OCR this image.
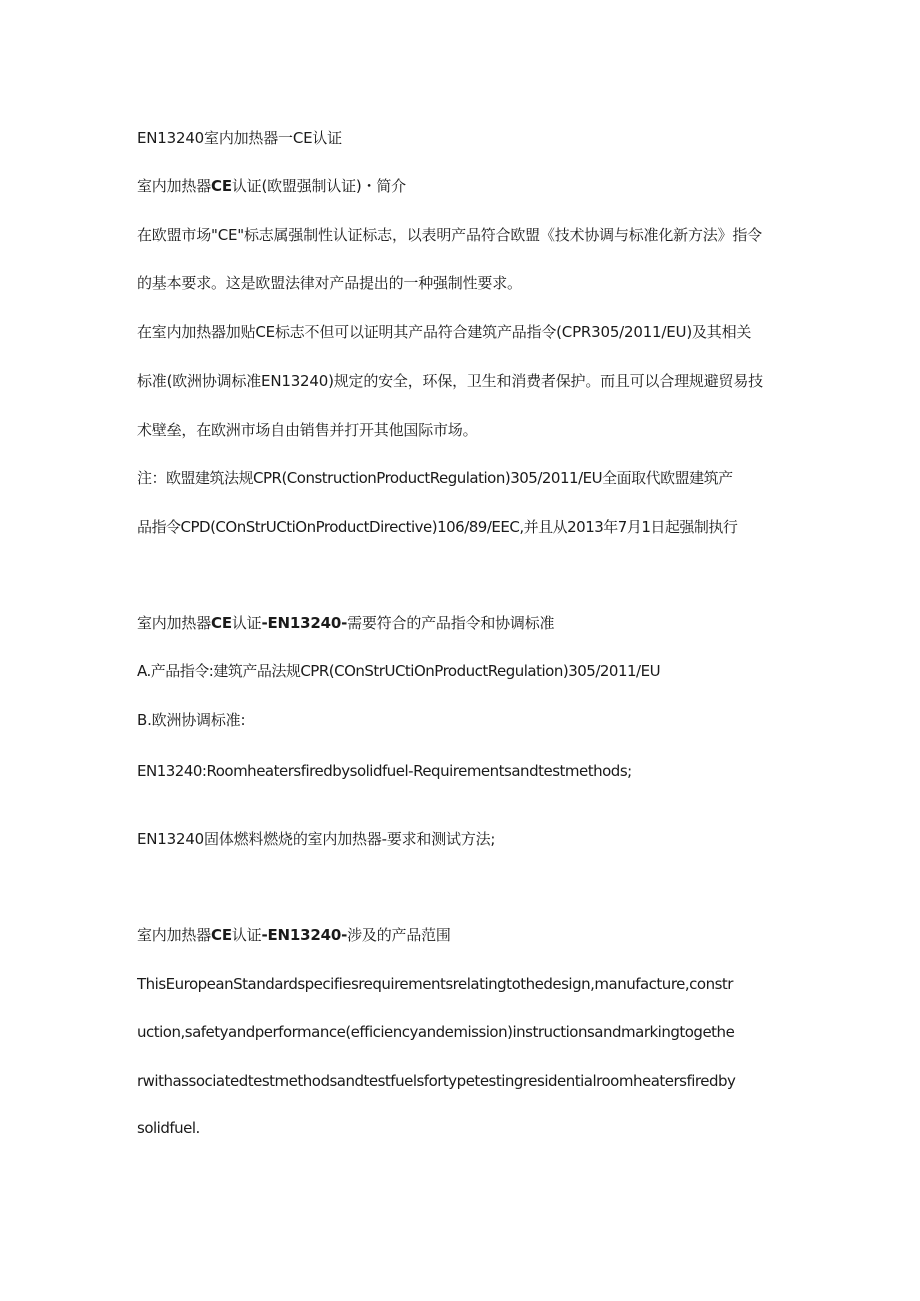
EN13240室内加热器一CE认证
室内加热器CE认证(欧盟强制认证)・简介
在欧盟市场"CE"标志属强制性认证标志，以表明产品符合欧盟《技术协调与标准化新方法》指令
的基本要求。这是欧盟法律对产品提出的一种强制性要求。
在室内加热器加贴CE标志不但可以证明其产品符合建筑产品指令(CPR305/2011/EU)及其相关
标准(欧洲协调标准EN13240)规定的安全，环保，卫生和消费者保护。而且可以合理规避贸易技
术壁垒，在欧洲市场自由销售并打开其他国际市场。
注：欧盟建筑法规CPR(ConstructionProductRegulation)305/2011/EU全面取代欧盟建筑产
品指令CPD(COnStrUCtiOnProductDirective)106/89/EEC,并且从2013年7月1日起强制执行
室内加热器CE认证-EN13240-需要符合的产品指令和协调标准
A.产品指令:建筑产品法规CPR(COnStrUCtiOnProductRegulation)305/2011/EU
B.欧洲协调标准:
EN13240:Roomheatersfiredbysolidfuel-Requirementsandtestmethods;
EN13240固体燃料燃烧的室内加热器-要求和测试方法;
室内加热器CE认证-EN13240-涉及的产品范围
ThisEuropeanStandardspecifiesrequirementsrelatingtothedesign,manufacture,constr
uction,safetyandperformance(efficiencyandemission)instructionsandmarkingtogethe
rwithassociatedtestmethodsandtestfuelsfortypetestingresidentialroomheatersfiredby
solidfuel.
